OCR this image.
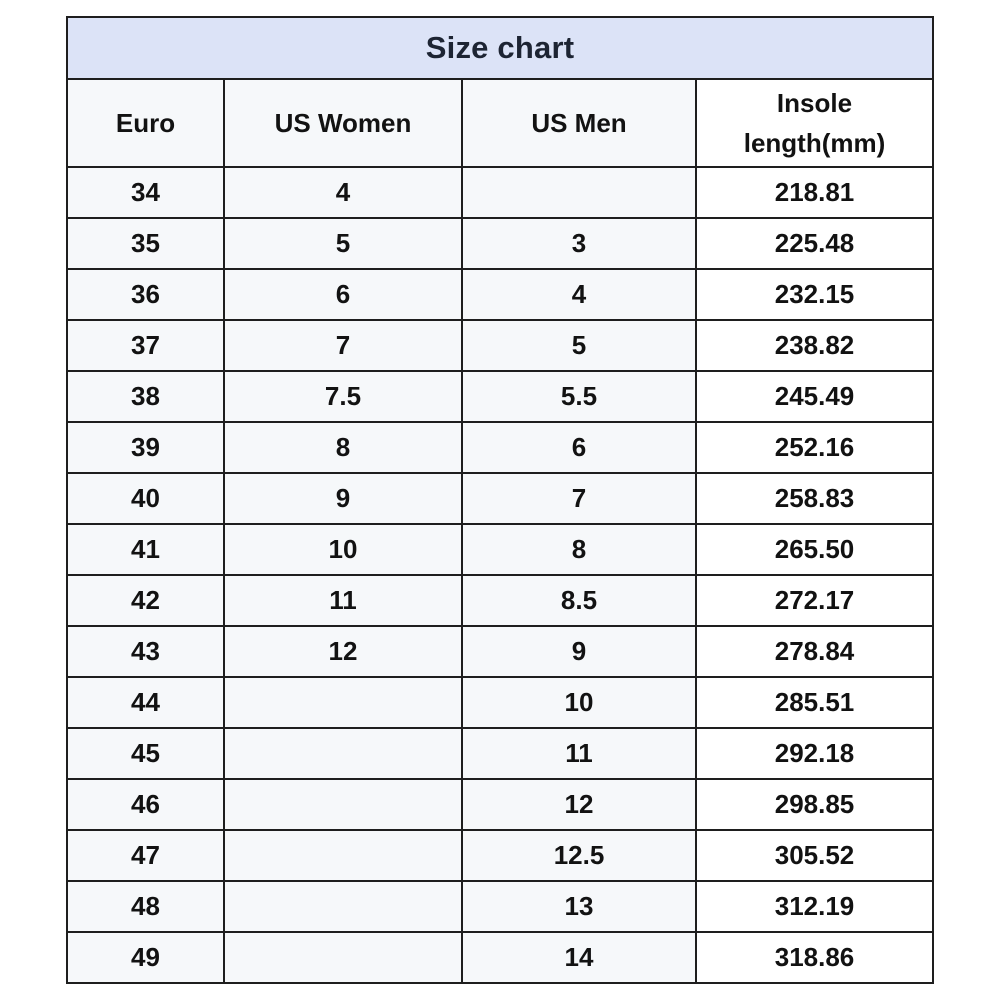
Size chart			
Euro	US Women	US Men	Insole length(mm)
34	4		218.81
35	5	3	225.48
36	6	4	232.15
37	7	5	238.82
38	7.5	5.5	245.49
39	8	6	252.16
40	9	7	258.83
41	10	8	265.50
42	11	8.5	272.17
43	12	9	278.84
44		10	285.51
45		11	292.18
46		12	298.85
47		12.5	305.52
48		13	312.19
49		14	318.86
